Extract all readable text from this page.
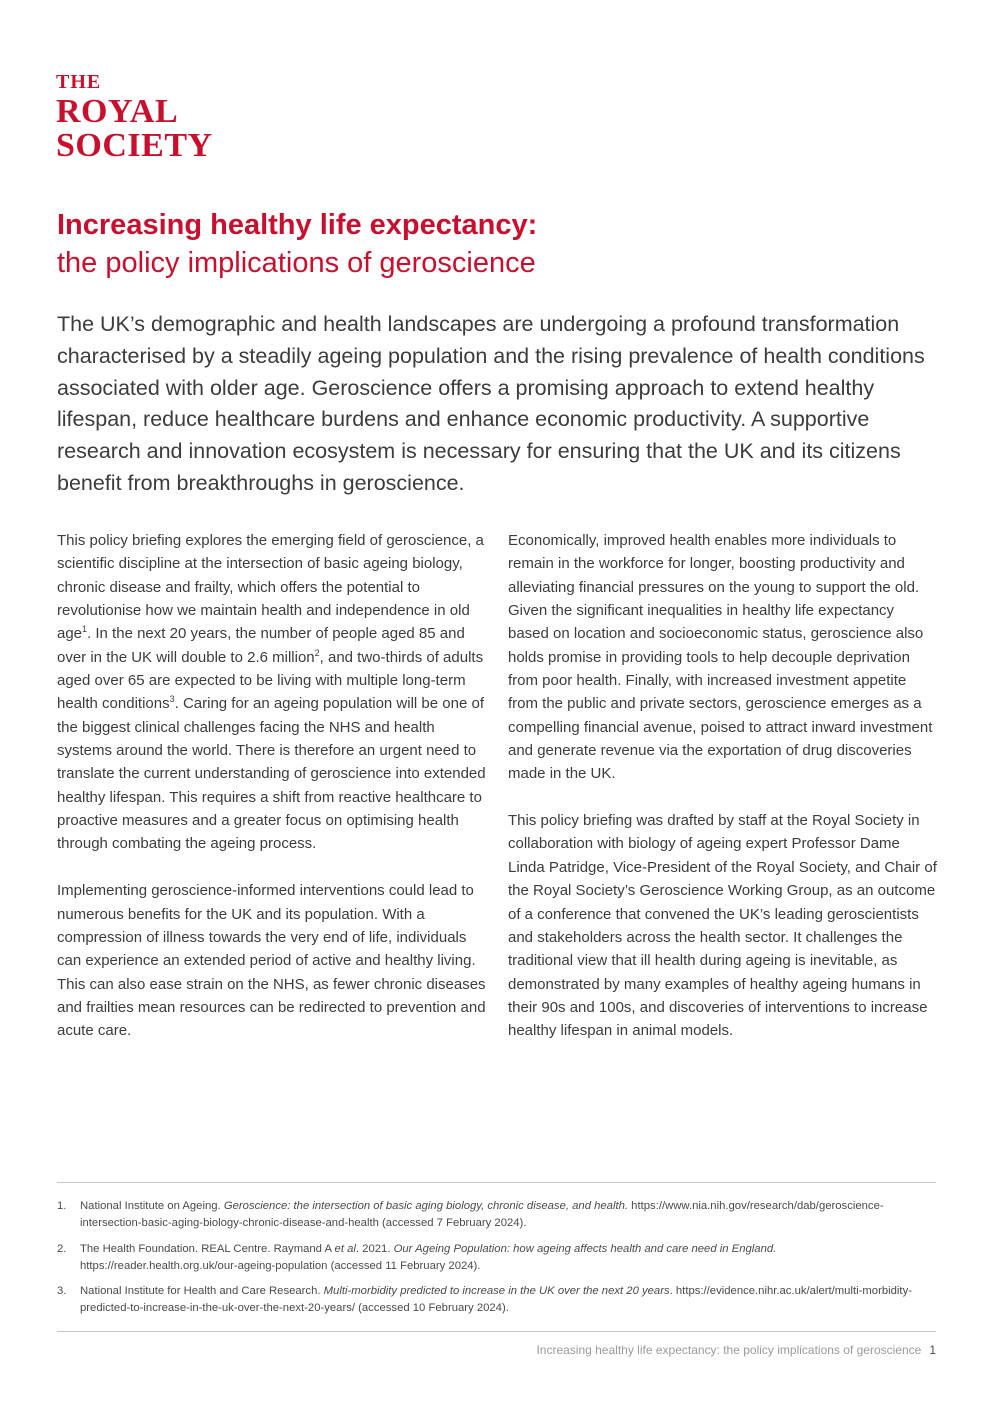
THE
ROYAL
SOCIETY
Increasing healthy life expectancy:
the policy implications of geroscience

The UK’s demographic and health landscapes are undergoing a profound transformation characterised by a steadily ageing population and the rising prevalence of health conditions associated with older age. Geroscience offers a promising approach to extend healthy lifespan, reduce healthcare burdens and enhance economic productivity. A supportive research and innovation ecosystem is necessary for ensuring that the UK and its citizens benefit from breakthroughs in geroscience.

This policy briefing explores the emerging field of geroscience, a scientific discipline at the intersection of basic ageing biology, chronic disease and frailty, which offers the potential to revolutionise how we maintain health and independence in old age$^1$. In the next 20 years, the number of people aged 85 and over in the UK will double to 2.6 million$^2$, and two-thirds of adults aged over 65 are expected to be living with multiple long-term health conditions$^3$. Caring for an ageing population will be one of the biggest clinical challenges facing the NHS and health systems around the world. There is therefore an urgent need to translate the current understanding of geroscience into extended healthy lifespan. This requires a shift from reactive healthcare to proactive measures and a greater focus on optimising health through combating the ageing process.

Implementing geroscience-informed interventions could lead to numerous benefits for the UK and its population. With a compression of illness towards the very end of life, individuals can experience an extended period of active and healthy living. This can also ease strain on the NHS, as fewer chronic diseases and frailties mean resources can be redirected to prevention and acute care.

Economically, improved health enables more individuals to remain in the workforce for longer, boosting productivity and alleviating financial pressures on the young to support the old. Given the significant inequalities in healthy life expectancy based on location and socioeconomic status, geroscience also holds promise in providing tools to help decouple deprivation from poor health. Finally, with increased investment appetite from the public and private sectors, geroscience emerges as a compelling financial avenue, poised to attract inward investment and generate revenue via the exportation of drug discoveries made in the UK.

This policy briefing was drafted by staff at the Royal Society in collaboration with biology of ageing expert Professor Dame Linda Patridge, Vice-President of the Royal Society, and Chair of the Royal Society’s Geroscience Working Group, as an outcome of a conference that convened the UK’s leading geroscientists and stakeholders across the health sector. It challenges the traditional view that ill health during ageing is inevitable, as demonstrated by many examples of healthy ageing humans in their 90s and 100s, and discoveries of interventions to increase healthy lifespan in animal models.

1.	National Institute on Ageing. Geroscience: the intersection of basic aging biology, chronic disease, and health. https://www.nia.nih.gov/research/dab/geroscience-intersection-basic-aging-biology-chronic-disease-and-health (accessed 7 February 2024).
2.	The Health Foundation. REAL Centre. Raymand A et al. 2021. Our Ageing Population: how ageing affects health and care need in England. https://reader.health.org.uk/our-ageing-population (accessed 11 February 2024).
3.	National Institute for Health and Care Research. Multi-morbidity predicted to increase in the UK over the next 20 years. https://evidence.nihr.ac.uk/alert/multi-morbidity-predicted-to-increase-in-the-uk-over-the-next-20-years/ (accessed 10 February 2024).
Increasing healthy life expectancy: the policy implications of geroscience 1
